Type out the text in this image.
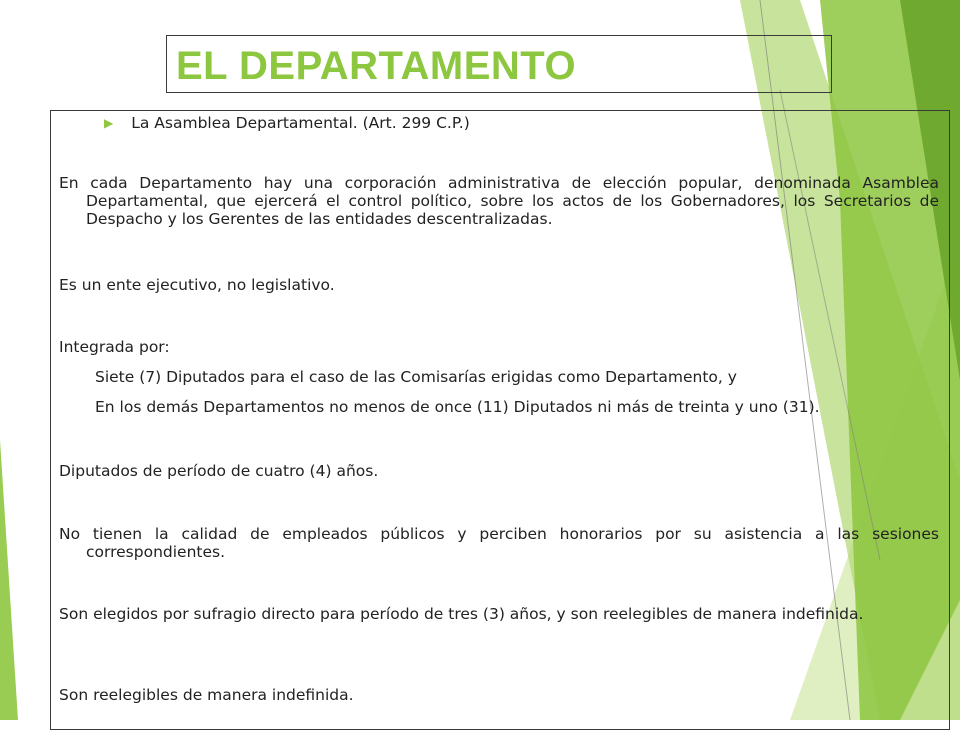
EL DEPARTAMENTO
▶ La Asamblea Departamental. (Art. 299 C.P.)
En cada Departamento hay una corporación administrativa de elección popular, denominada Asamblea Departamental, que ejercerá el control político, sobre los actos de los Gobernadores, los Secretarios de Despacho y los Gerentes de las entidades descentralizadas.
Es un ente ejecutivo, no legislativo.
Integrada por:
Siete (7) Diputados para el caso de las Comisarías erigidas como Departamento, y
En los demás Departamentos no menos de once (11) Diputados ni más de treinta y uno (31).
Diputados de período de cuatro (4) años.
No tienen la calidad de empleados públicos y perciben honorarios por su asistencia a las sesiones correspondientes.
Son elegidos por sufragio directo para período de tres (3) años, y son reelegibles de manera indefinida.
Son reelegibles de manera indefinida.
